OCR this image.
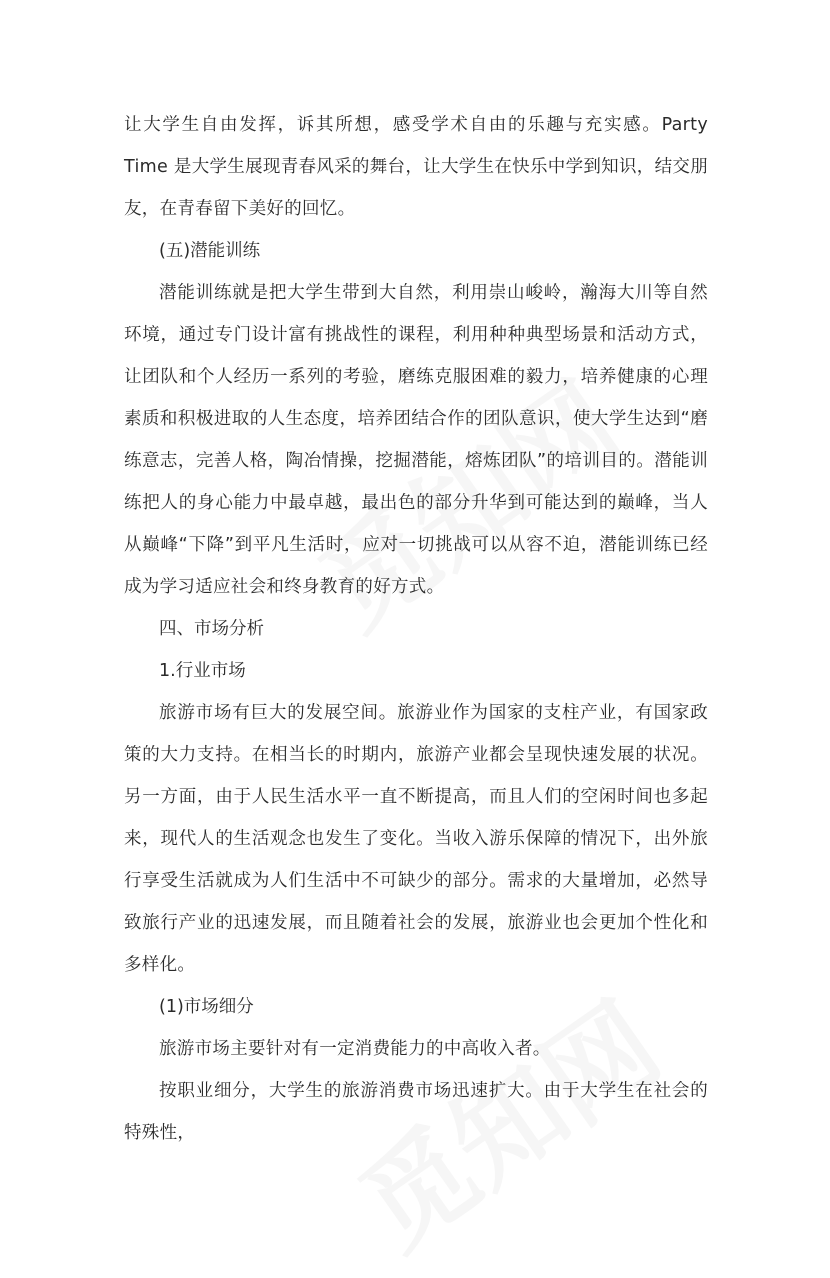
让大学生自由发挥，诉其所想，感受学术自由的乐趣与充实感。Party Time 是大学生展现青春风采的舞台，让大学生在快乐中学到知识，结交朋友，在青春留下美好的回忆。

(五)潜能训练

潜能训练就是把大学生带到大自然，利用崇山峻岭，瀚海大川等自然环境，通过专门设计富有挑战性的课程，利用种种典型场景和活动方式，让团队和个人经历一系列的考验，磨练克服困难的毅力，培养健康的心理素质和积极进取的人生态度，培养团结合作的团队意识，使大学生达到“磨练意志，完善人格，陶冶情操，挖掘潜能，熔炼团队”的培训目的。潜能训练把人的身心能力中最卓越，最出色的部分升华到可能达到的巅峰，当人从巅峰“下降”到平凡生活时，应对一切挑战可以从容不迫，潜能训练已经成为学习适应社会和终身教育的好方式。

四、市场分析

1.行业市场

旅游市场有巨大的发展空间。旅游业作为国家的支柱产业，有国家政策的大力支持。在相当长的时期内，旅游产业都会呈现快速发展的状况。另一方面，由于人民生活水平一直不断提高，而且人们的空闲时间也多起来，现代人的生活观念也发生了变化。当收入游乐保障的情况下，出外旅行享受生活就成为人们生活中不可缺少的部分。需求的大量增加，必然导致旅行产业的迅速发展，而且随着社会的发展，旅游业也会更加个性化和多样化。

(1)市场细分

旅游市场主要针对有一定消费能力的中高收入者。

按职业细分，大学生的旅游消费市场迅速扩大。由于大学生在社会的特殊性，
